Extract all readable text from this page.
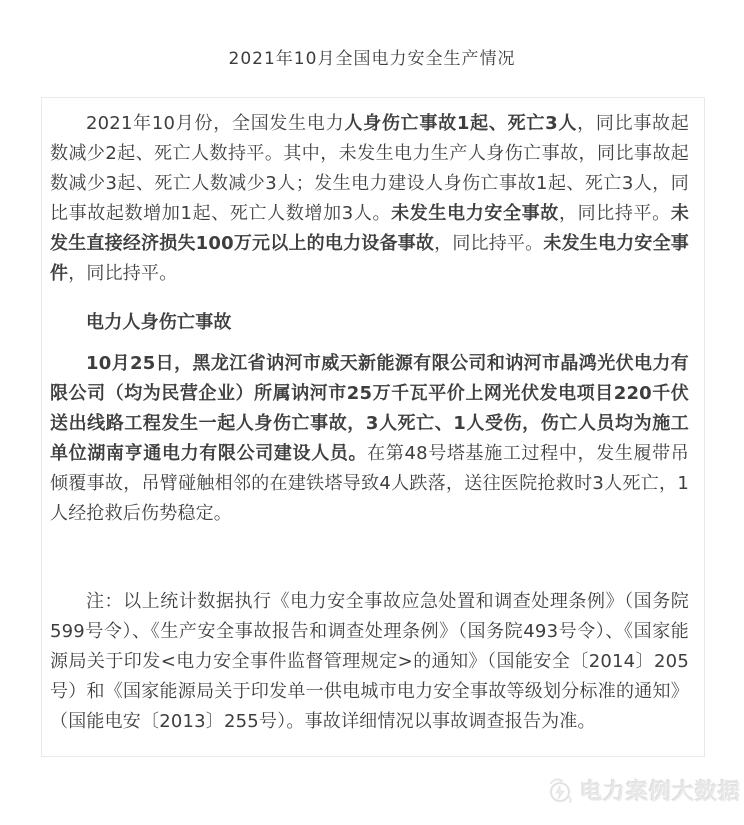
2021年10月全国电力安全生产情况

2021年10月份，全国发生电力人身伤亡事故1起、死亡3人，同比事故起数减少2起、死亡人数持平。其中，未发生电力生产人身伤亡事故，同比事故起数减少3起、死亡人数减少3人；发生电力建设人身伤亡事故1起、死亡3人，同比事故起数增加1起、死亡人数增加3人。未发生电力安全事故，同比持平。未发生直接经济损失100万元以上的电力设备事故，同比持平。未发生电力安全事件，同比持平。

电力人身伤亡事故

10月25日，黑龙江省讷河市威天新能源有限公司和讷河市晶鸿光伏电力有限公司（均为民营企业）所属讷河市25万千瓦平价上网光伏发电项目220千伏送出线路工程发生一起人身伤亡事故，3人死亡、1人受伤，伤亡人员均为施工单位湖南亨通电力有限公司建设人员。在第48号塔基施工过程中，发生履带吊倾覆事故，吊臂碰触相邻的在建铁塔导致4人跌落，送往医院抢救时3人死亡，1人经抢救后伤势稳定。

注：以上统计数据执行《电力安全事故应急处置和调查处理条例》（国务院599号令）、《生产安全事故报告和调查处理条例》（国务院493号令）、《国家能源局关于印发<电力安全事件监督管理规定>的通知》（国能安全〔2014〕205号）和《国家能源局关于印发单一供电城市电力安全事故等级划分标准的通知》（国能电安〔2013〕255号）。事故详细情况以事故调查报告为准。

电力案例大数据
